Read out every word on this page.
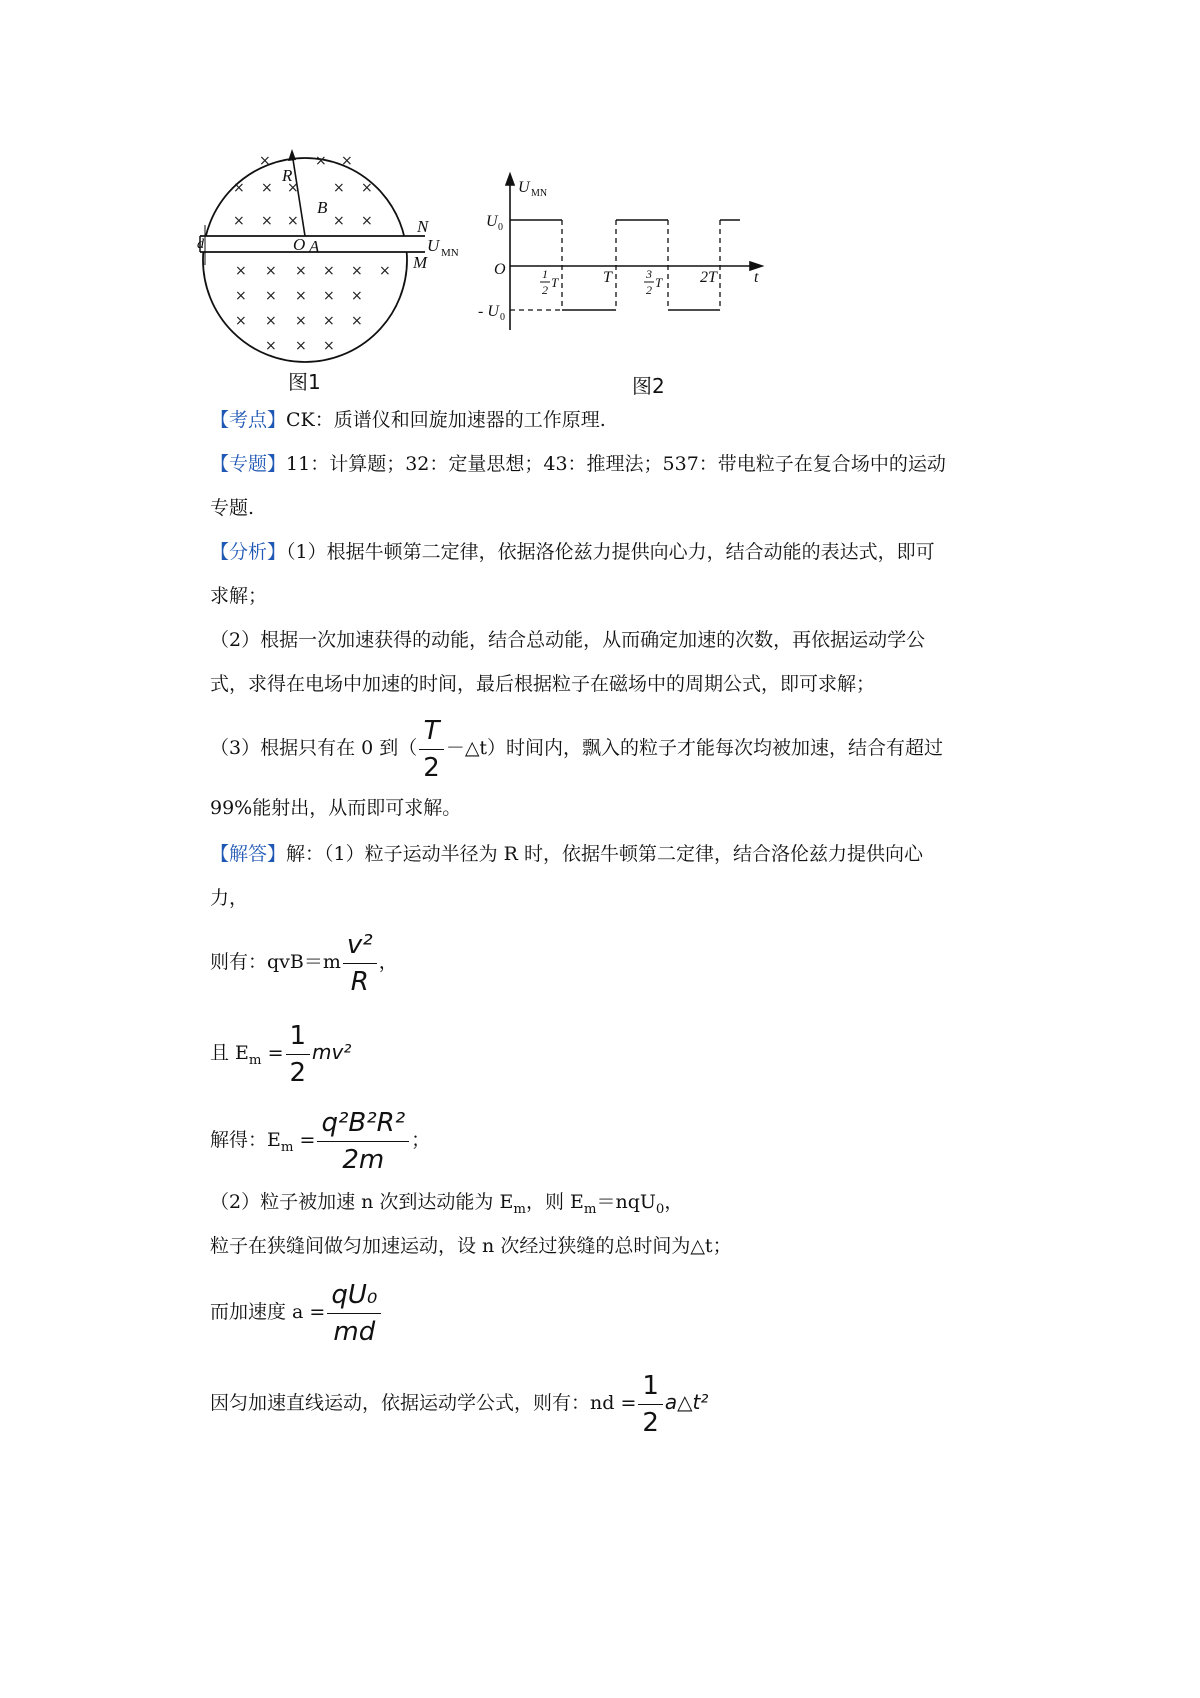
d
×	× ×
× × × × ×
× × × × ×
× × × × × ×
× × × × ×
× × × × ×
× × ×
R
B
O A
N
M
U MN
图1
U MN
U 0
- U 0
O	1
2 T	T	3
2 T 2T t
图2
【考点】CK：质谱仪和回旋加速器的工作原理.
【专题】11：计算题；32：定量思想；43：推理法；537：带电粒子在复合场中的运动
专题.
【分析】（1）根据牛顿第二定律，依据洛伦兹力提供向心力，结合动能的表达式，即可
求解；
（2）根据一次加速获得的动能，结合总动能，从而确定加速的次数，再依据运动学公
式，求得在电场中加速的时间，最后根据粒子在磁场中的周期公式，即可求解；
（3）根据只有在 0 到（ $\frac{T}{2}$ －△t）时间内，飘入的粒子才能每次均被加速，结合有超过
99%能射出，从而即可求解。
【解答】解：（1）粒子运动半径为 R 时，依据牛顿第二定律，结合洛伦兹力提供向心
力，
则有：$qvB=m \frac{\text{v²}}{R}$ ，
且 $E_m = \frac{1}{2} mv^2$
解得：$E_m = \frac{\text{q²B²R²}}{2m}$ ；
（2）粒子被加速 n 次到达动能为 $E_m$，则 $E_m=nqU_0$，
粒子在狭缝间做匀加速运动，设 n 次经过狭缝的总时间为△t；
而加速度 $a = \frac{\text{qU₀}}{md}$
因匀加速直线运动，依据运动学公式，则有：nd = $\frac{1}{2}$ a△t²
